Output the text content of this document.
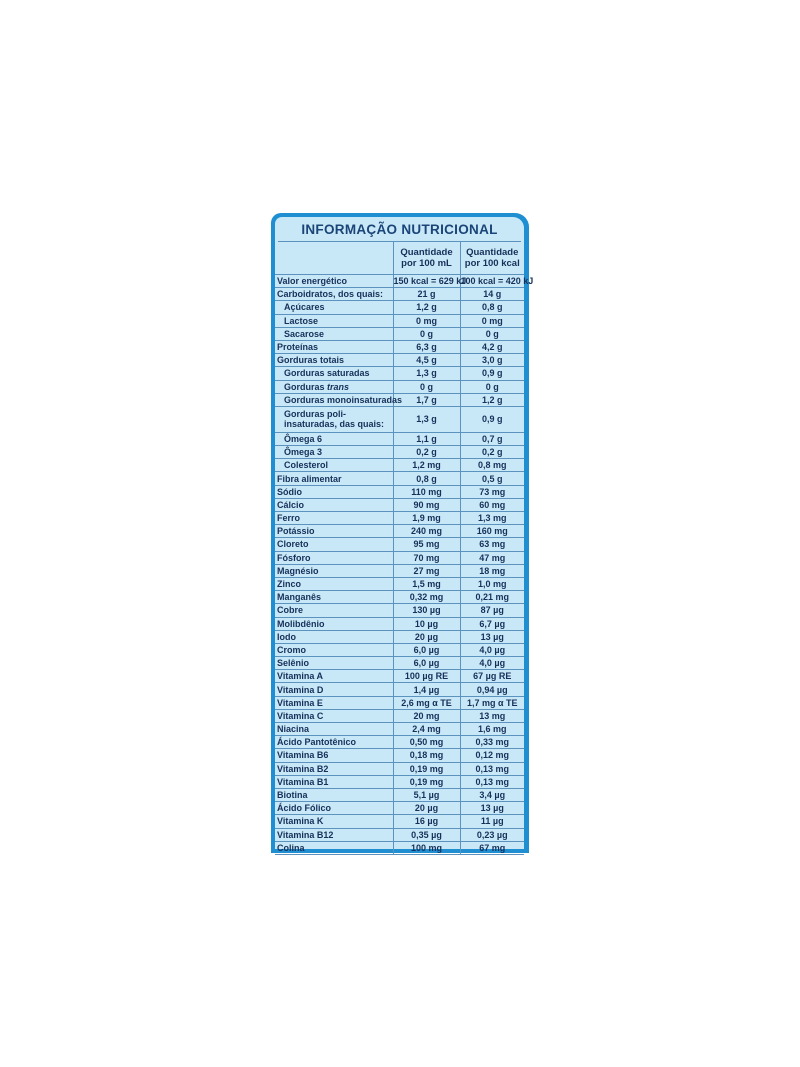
INFORMAÇÃO NUTRICIONAL
	Quantidade por 100 mL	Quantidade por 100 kcal
Valor energético	150 kcal = 629 kJ	100 kcal = 420 kJ
Carboidratos, dos quais:	21 g	14 g
Açúcares	1,2 g	0,8 g
Lactose	0 mg	0 mg
Sacarose	0 g	0 g
Proteínas	6,3 g	4,2 g
Gorduras totais	4,5 g	3,0 g
Gorduras saturadas	1,3 g	0,9 g
Gorduras trans	0 g	0 g
Gorduras monoinsaturadas	1,7 g	1,2 g
Gorduras poli-insaturadas, das quais:	1,3 g	0,9 g
Ômega 6	1,1 g	0,7 g
Ômega 3	0,2 g	0,2 g
Colesterol	1,2 mg	0,8 mg
Fibra alimentar	0,8 g	0,5 g
Sódio	110 mg	73 mg
Cálcio	90 mg	60 mg
Ferro	1,9 mg	1,3 mg
Potássio	240 mg	160 mg
Cloreto	95 mg	63 mg
Fósforo	70 mg	47 mg
Magnésio	27 mg	18 mg
Zinco	1,5 mg	1,0 mg
Manganês	0,32 mg	0,21 mg
Cobre	130 µg	87 µg
Molibdênio	10 µg	6,7 µg
Iodo	20 µg	13 µg
Cromo	6,0 µg	4,0 µg
Selênio	6,0 µg	4,0 µg
Vitamina A	100 µg RE	67 µg RE
Vitamina D	1,4 µg	0,94 µg
Vitamina E	2,6 mg α TE	1,7 mg α TE
Vitamina C	20 mg	13 mg
Niacina	2,4 mg	1,6 mg
Ácido Pantotênico	0,50 mg	0,33 mg
Vitamina B6	0,18 mg	0,12 mg
Vitamina B2	0,19 mg	0,13 mg
Vitamina B1	0,19 mg	0,13 mg
Biotina	5,1 µg	3,4 µg
Ácido Fólico	20 µg	13 µg
Vitamina K	16 µg	11 µg
Vitamina B12	0,35 µg	0,23 µg
Colina	100 mg	67 mg
